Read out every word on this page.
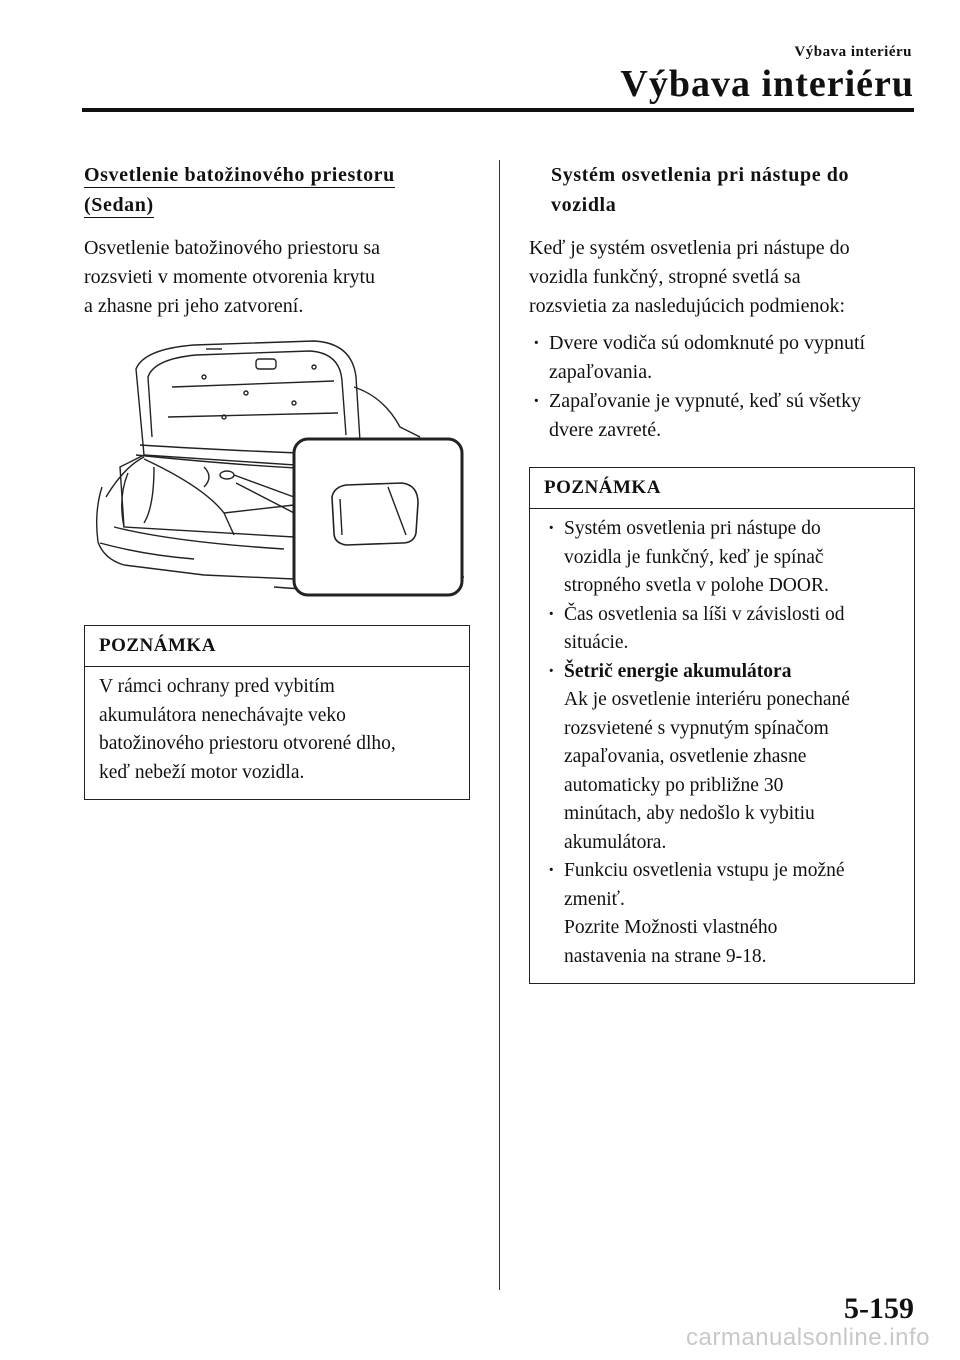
Výbava interiéru
Výbava interiéru
Osvetlenie batožinového priestoru
(Sedan)
Osvetlenie batožinového priestoru sa
rozsvieti v momente otvorenia krytu
a zhasne pri jeho zatvorení.
POZNÁMKA
V rámci ochrany pred vybitím
akumulátora nenechávajte veko
batožinového priestoru otvorené dlho,
keď nebeží motor vozidla.
Systém osvetlenia pri nástupe do
vozidla
Keď je systém osvetlenia pri nástupe do
vozidla funkčný, stropné svetlá sa
rozsvietia za nasledujúcich podmienok:
· Dvere vodiča sú odomknuté po vypnutí
zapaľovania.
· Zapaľovanie je vypnuté, keď sú všetky
dvere zavreté.
POZNÁMKA
· Systém osvetlenia pri nástupe do
vozidla je funkčný, keď je spínač
stropného svetla v polohe DOOR.
· Čas osvetlenia sa líši v závislosti od
situácie.
· Šetrič energie akumulátora
Ak je osvetlenie interiéru ponechané
rozsvietené s vypnutým spínačom
zapaľovania, osvetlenie zhasne
automaticky po približne 30
minútach, aby nedošlo k vybitiu
akumulátora.
· Funkciu osvetlenia vstupu je možné
zmeniť.
Pozrite Možnosti vlastného
nastavenia na strane 9-18.
5-159
carmanualsonline.info
